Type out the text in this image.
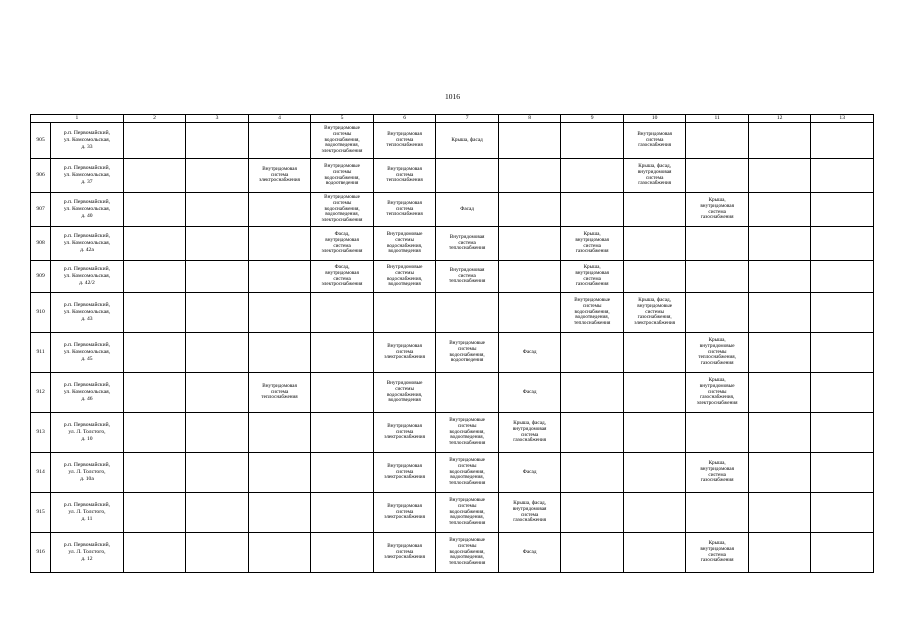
1016
1		2	3	4	5	6	7	8	9	10	11	12	13
905	р.п. Первомайский,
ул. Комсомольская,
д. 33				Внутридомовые
системы
водоснабжения,
водоотведения,
электроснабжения	Внутридомовая
система
теплоснабжения	Крыша, фасад			Внутридомовая
система
газоснабжения			

906	р.п. Первомайский,
ул. Комсомольская,
д. 37			Внутридомовая
система
электроснабжения	Внутридомовые
системы
водоснабжения,
водоотведения	Внутридомовая
система
теплоснабжения				Крыша, фасад,
внутридомовая
система
газоснабжения			

907	р.п. Первомайский,
ул. Комсомольская,
д. 40				Внутридомовые
системы
водоснабжения,
водоотведения,
электроснабжения	Внутридомовая
система
теплоснабжения	Фасад				Крыша,
внутридомовая
система
газоснабжения		

908	р.п. Первомайский,
ул. Комсомольская,
д. 42а				Фасад,
внутридомовая
система
электроснабжения	Внутридомовые
системы
водоснабжения,
водоотведения	Внутридомовая
система
теплоснабжения		Крыша,
внутридомовая
система
газоснабжения				

909	р.п. Первомайский,
ул. Комсомольская,
д. 42/2				Фасад,
внутридомовая
система
электроснабжения	Внутридомовые
системы
водоснабжения,
водоотведения	Внутридомовая
система
теплоснабжения		Крыша,
внутридомовая
система
газоснабжения				

910	р.п. Первомайский,
ул. Комсомольская,
д. 43								Внутридомовые
системы
водоснабжения,
водоотведения,
теплоснабжения	Крыша, фасад,
внутридомовые
системы
газоснабжения,
электроснабжения			

911	р.п. Первомайский,
ул. Комсомольская,
д. 45					Внутридомовая
система
электроснабжения	Внутридомовые
системы
водоснабжения,
водоотведения	Фасад			Крыша,
внутридомовые
системы
теплоснабжения,
газоснабжения		

912	р.п. Первомайский,
ул. Комсомольская,
д. 46			Внутридомовая
система
теплоснабжения		Внутридомовые
системы
водоснабжения,
водоотведения		Фасад			Крыша,
внутридомовые
системы
газоснабжения,
электроснабжения		

913	р.п. Первомайский,
ул. Л. Толстого,
д. 10					Внутридомовая
система
электроснабжения	Внутридомовые
системы
водоснабжения,
водоотведения,
теплоснабжения	Крыша, фасад,
внутридомовая
система
газоснабжения					

914	р.п. Первомайский,
ул. Л. Толстого,
д. 10а					Внутридомовая
система
электроснабжения	Внутридомовые
системы
водоснабжения,
водоотведения,
теплоснабжения	Фасад			Крыша,
внутридомовая
система
газоснабжения		

915	р.п. Первомайский,
ул. Л. Толстого,
д. 11					Внутридомовая
система
электроснабжения	Внутридомовые
системы
водоснабжения,
водоотведения,
теплоснабжения	Крыша, фасад,
внутридомовая
система
газоснабжения					

916	р.п. Первомайский,
ул. Л. Толстого,
д. 12					Внутридомовая
система
электроснабжения	Внутридомовые
системы
водоснабжения,
водоотведения,
теплоснабжения	Фасад			Крыша,
внутридомовая
система
газоснабжения		
